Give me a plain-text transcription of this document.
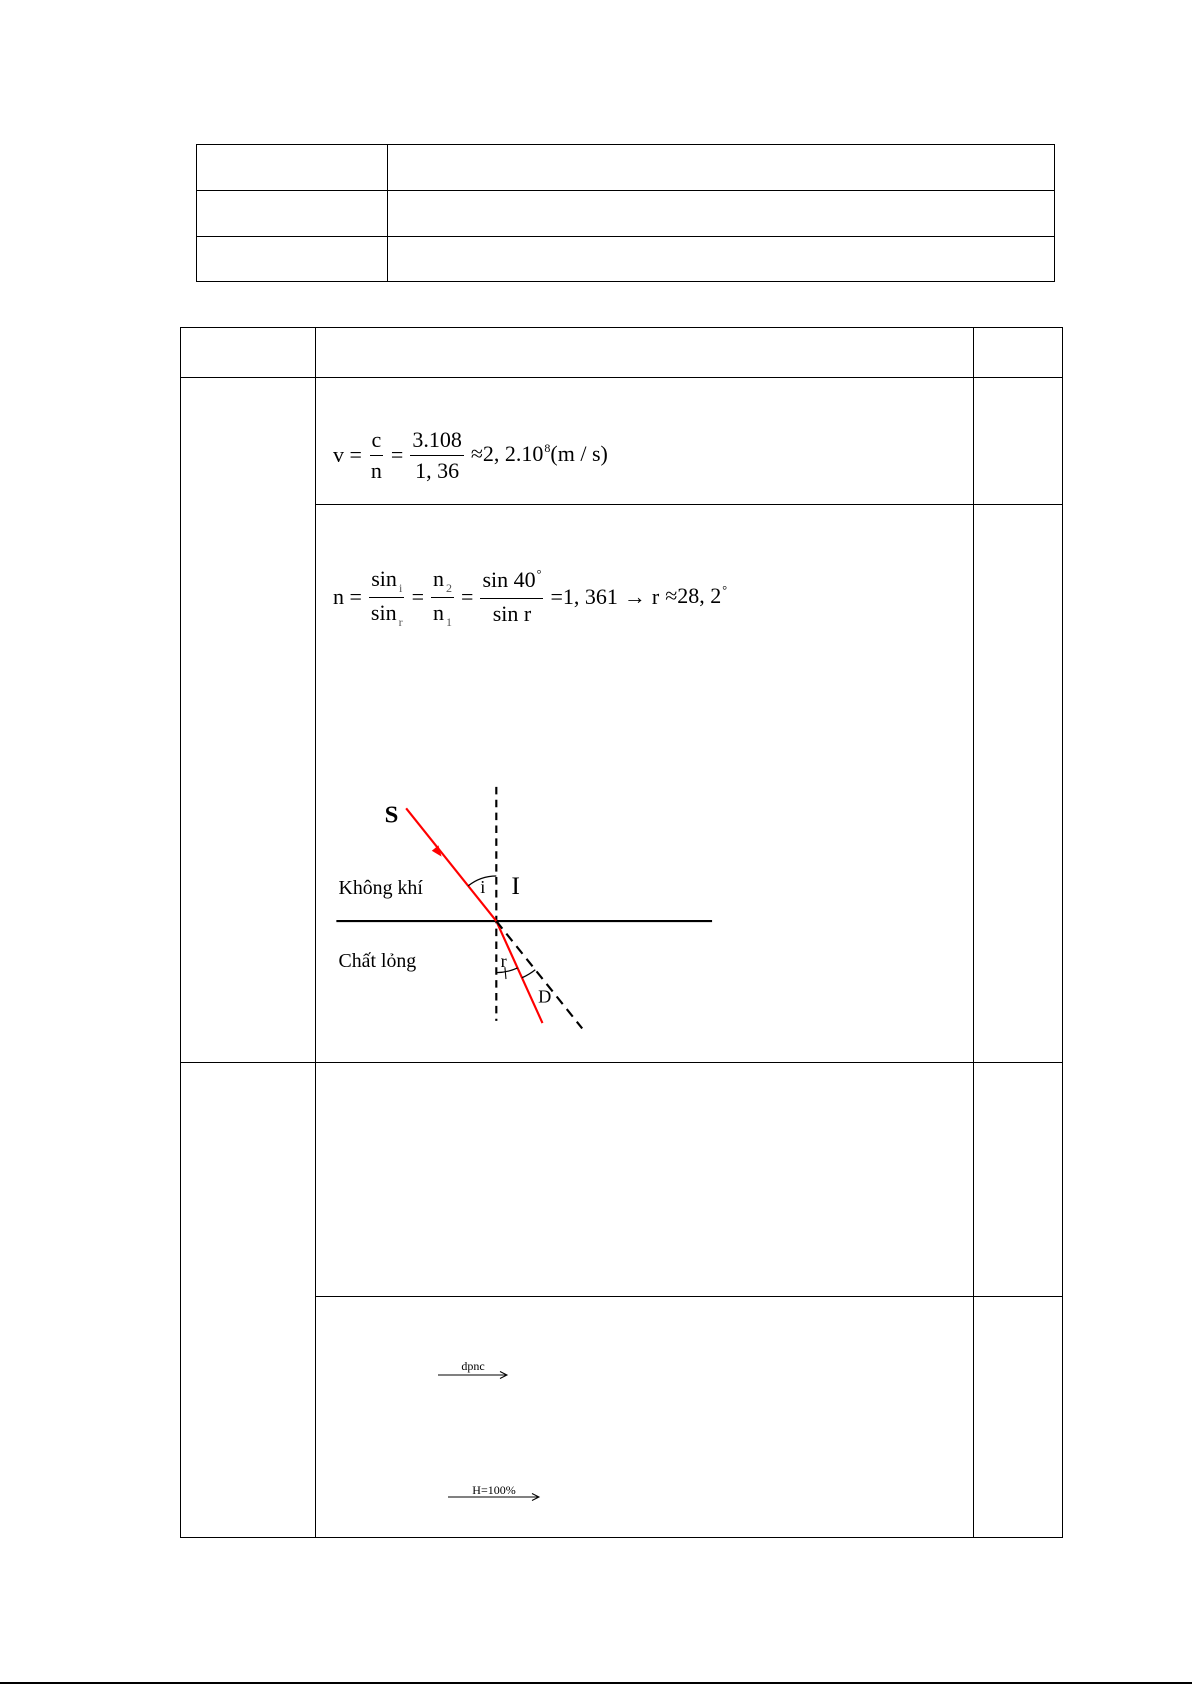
$v = \frac{c}{n} = \frac{3.108}{1, 36} \approx 2$, 2.10$^8$(m / s)
$n = \frac{\sin _i}{\sin _r} = \frac{n _2}{n _1} = \frac{\sin 40^\circ}{\text{sin r}} =1$, 361 → r ≈28, 2°
S
Không khí	i I
Chất lỏng	r
D
dpnc
H=100%
